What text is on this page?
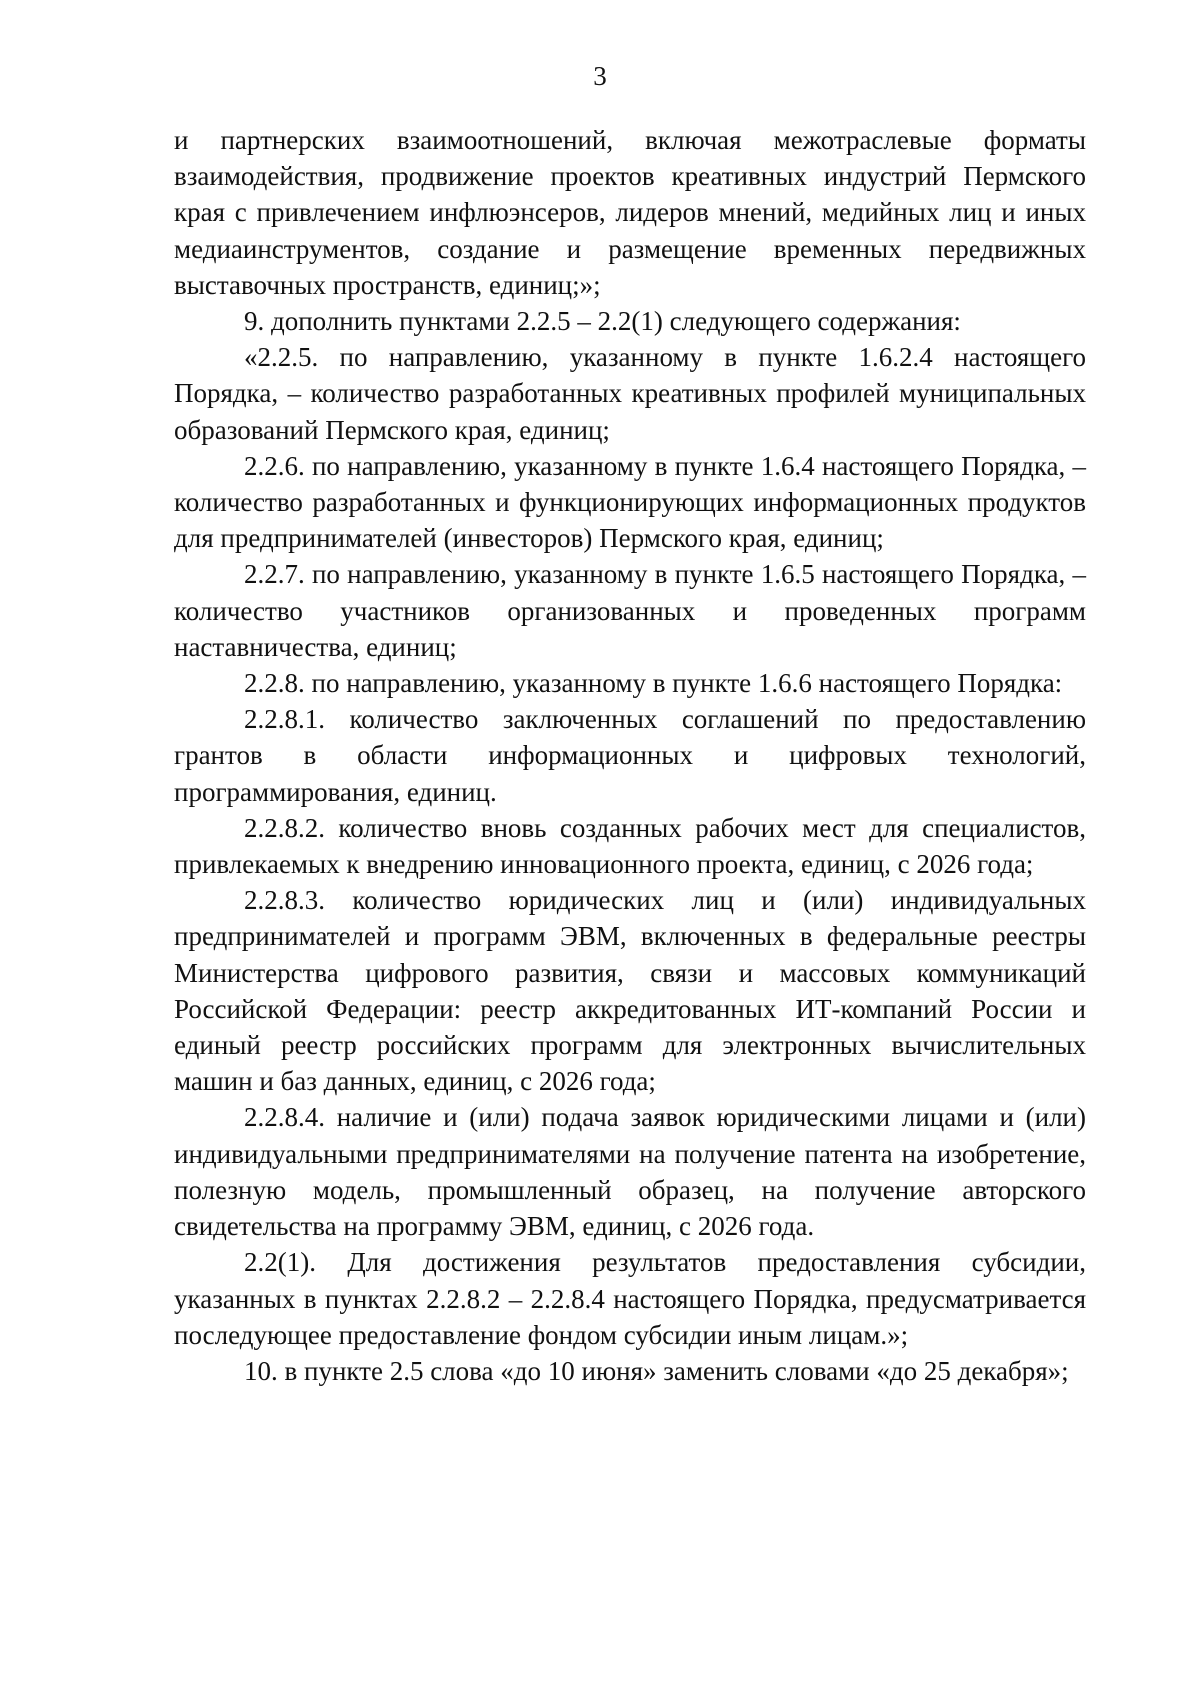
3

и партнерских взаимоотношений, включая межотраслевые форматы взаимодействия, продвижение проектов креативных индустрий Пермского края с привлечением инфлюэнсеров, лидеров мнений, медийных лиц и иных медиаинструментов, создание и размещение временных передвижных выставочных пространств, единиц;»;

9. дополнить пунктами 2.2.5 – 2.2(1) следующего содержания:

«2.2.5. по направлению, указанному в пункте 1.6.2.4 настоящего Порядка, – количество разработанных креативных профилей муниципальных образований Пермского края, единиц;

2.2.6. по направлению, указанному в пункте 1.6.4 настоящего Порядка, – количество разработанных и функционирующих информационных продуктов для предпринимателей (инвесторов) Пермского края, единиц;

2.2.7. по направлению, указанному в пункте 1.6.5 настоящего Порядка, – количество участников организованных и проведенных программ наставничества, единиц;

2.2.8. по направлению, указанному в пункте 1.6.6 настоящего Порядка:

2.2.8.1. количество заключенных соглашений по предоставлению грантов в области информационных и цифровых технологий, программирования, единиц.

2.2.8.2. количество вновь созданных рабочих мест для специалистов, привлекаемых к внедрению инновационного проекта, единиц, с 2026 года;

2.2.8.3. количество юридических лиц и (или) индивидуальных предпринимателей и программ ЭВМ, включенных в федеральные реестры Министерства цифрового развития, связи и массовых коммуникаций Российской Федерации: реестр аккредитованных ИТ-компаний России и единый реестр российских программ для электронных вычислительных машин и баз данных, единиц, с 2026 года;

2.2.8.4. наличие и (или) подача заявок юридическими лицами и (или) индивидуальными предпринимателями на получение патента на изобретение, полезную модель, промышленный образец, на получение авторского свидетельства на программу ЭВМ, единиц, с 2026 года.

2.2(1). Для достижения результатов предоставления субсидии, указанных в пунктах 2.2.8.2 – 2.2.8.4 настоящего Порядка, предусматривается последующее предоставление фондом субсидии иным лицам.»;

10. в пункте 2.5 слова «до 10 июня» заменить словами «до 25 декабря»;
